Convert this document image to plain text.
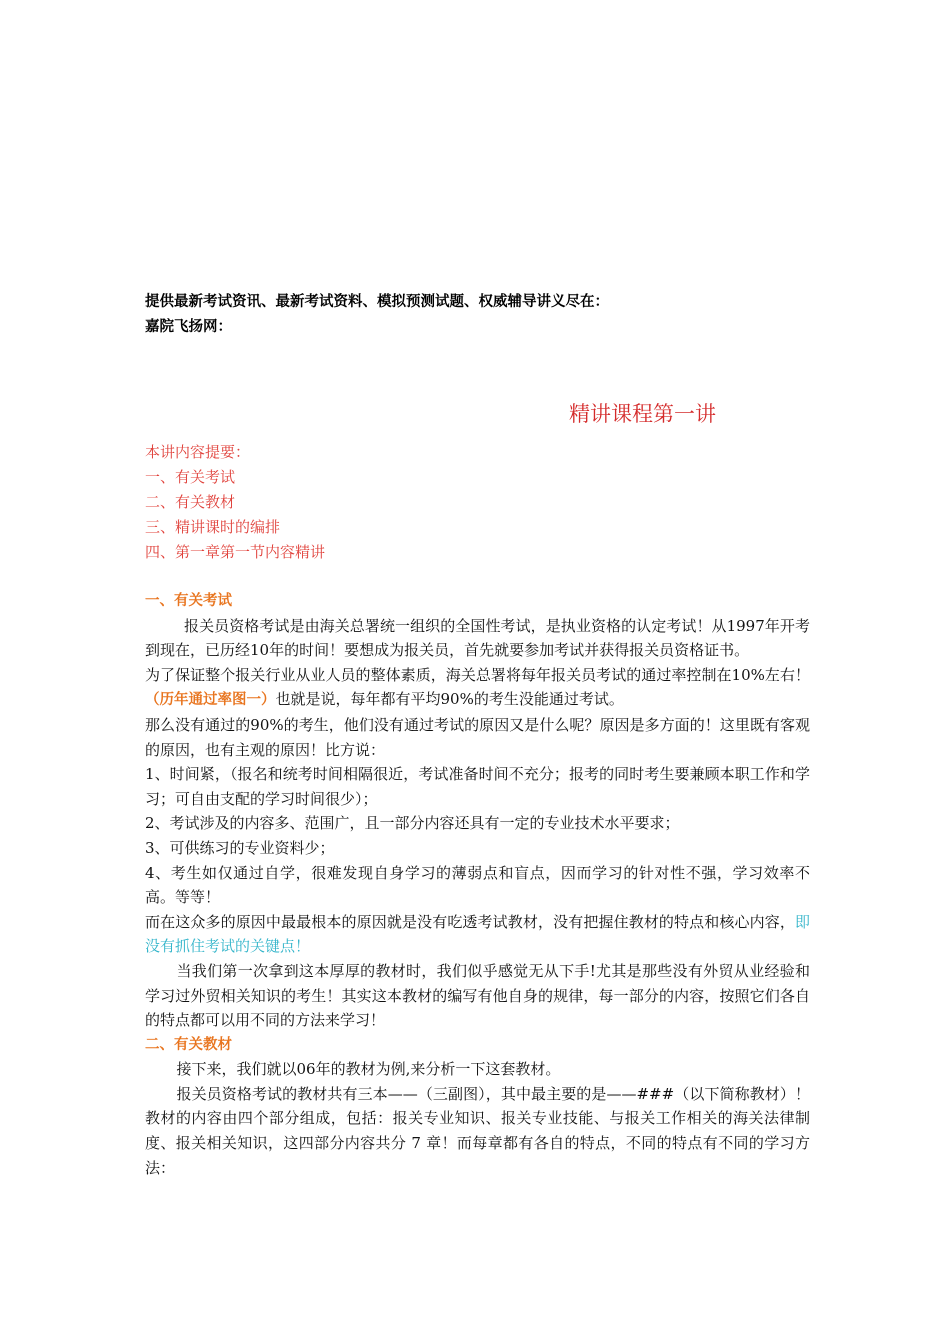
提供最新考试资讯、最新考试资料、模拟预测试题、权威辅导讲义尽在：
嘉院飞扬网：
精讲课程第一讲
本讲内容提要：
一、有关考试
二、有关教材
三、精讲课时的编排
四、第一章第一节内容精讲

一、有关考试

报关员资格考试是由海关总署统一组织的全国性考试，是执业资格的认定考试！从1997年开考到现在，已历经10年的时间！要想成为报关员，首先就要参加考试并获得报关员资格证书。

为了保证整个报关行业从业人员的整体素质，海关总署将每年报关员考试的通过率控制在10%左右！（历年通过率图一）也就是说，每年都有平均90%的考生没能通过考试。

那么没有通过的90%的考生，他们没有通过考试的原因又是什么呢？原因是多方面的！这里既有客观的原因，也有主观的原因！比方说：

1、时间紧，（报名和统考时间相隔很近，考试准备时间不充分；报考的同时考生要兼顾本职工作和学习；可自由支配的学习时间很少）；

2、考试涉及的内容多、范围广，且一部分内容还具有一定的专业技术水平要求；

3、可供练习的专业资料少；

4、考生如仅通过自学，很难发现自身学习的薄弱点和盲点，因而学习的针对性不强，学习效率不高。等等！

而在这众多的原因中最最根本的原因就是没有吃透考试教材，没有把握住教材的特点和核心内容，即没有抓住考试的关键点！

当我们第一次拿到这本厚厚的教材时，我们似乎感觉无从下手!尤其是那些没有外贸从业经验和学习过外贸相关知识的考生！其实这本教材的编写有他自身的规律，每一部分的内容，按照它们各自的特点都可以用不同的方法来学习！

二、有关教材

接下来，我们就以06年的教材为例,来分析一下这套教材。

报关员资格考试的教材共有三本——（三副图），其中最主要的是——###（以下简称教材）！教材的内容由四个部分组成，包括：报关专业知识、报关专业技能、与报关工作相关的海关法律制度、报关相关知识，这四部分内容共分 7 章！而每章都有各自的特点，不同的特点有不同的学习方法：
